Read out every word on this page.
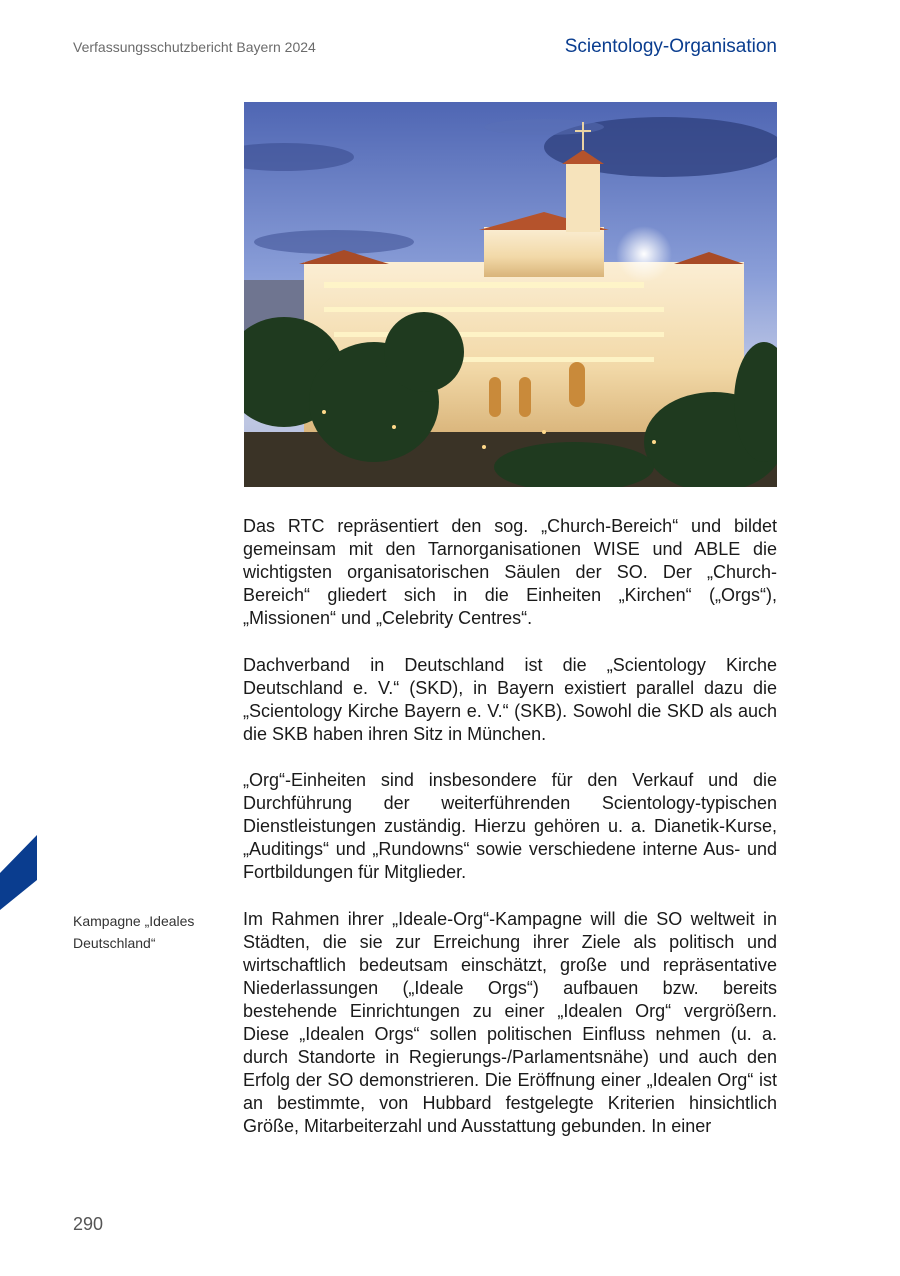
Verfassungsschutzbericht Bayern 2024	Scientology-Organisation

Das RTC repräsentiert den sog. „Church-Bereich“ und bildet gemeinsam mit den Tarnorganisationen WISE und ABLE die wichtigsten organisatorischen Säulen der SO. Der „Church-Bereich“ gliedert sich in die Einheiten „Kirchen“ („Orgs“), „Missionen“ und „Celebrity Centres“.

Dachverband in Deutschland ist die „Scientology Kirche Deutschland e. V.“ (SKD), in Bayern existiert parallel dazu die „Scientology Kirche Bayern e. V.“ (SKB). Sowohl die SKD als auch die SKB haben ihren Sitz in München.

„Org“-Einheiten sind insbesondere für den Verkauf und die Durchführung der weiterführenden Scientology-typischen Dienstleistungen zuständig. Hierzu gehören u. a. Dianetik-Kurse, „Auditings“ und „Rundowns“ sowie verschiedene interne Aus- und Fortbildungen für Mitglieder.

Kampagne „Ideales Deutschland“

Im Rahmen ihrer „Ideale-Org“-Kampagne will die SO weltweit in Städten, die sie zur Erreichung ihrer Ziele als politisch und wirtschaftlich bedeutsam einschätzt, große und repräsentative Niederlassungen („Ideale Orgs“) aufbauen bzw. bereits bestehende Einrichtungen zu einer „Idealen Org“ vergrößern. Diese „Idealen Orgs“ sollen politischen Einfluss nehmen (u. a. durch Standorte in Regierungs-/Parlamentsnähe) und auch den Erfolg der SO demonstrieren. Die Eröffnung einer „Idealen Org“ ist an bestimmte, von Hubbard festgelegte Kriterien hinsichtlich Größe, Mitarbeiterzahl und Ausstattung gebunden. In einer

290
